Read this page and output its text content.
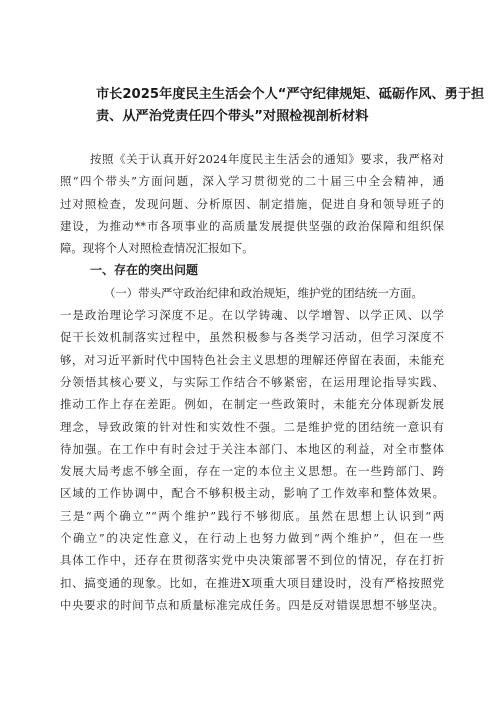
市长2025年度民主生活会个人“严守纪律规矩、砥砺作风、勇于担
责、从严治党责任四个带头”对照检视剖析材料
按照《关于认真开好2024年度民主生活会的通知》要求，我严格对
照“四个带头”方面问题，深入学习贯彻党的二十届三中全会精神，通
过对照检查，发现问题、分析原因、制定措施，促进自身和领导班子的
建设，为推动**市各项事业的高质量发展提供坚强的政治保障和组织保
障。现将个人对照检查情况汇报如下。
一、存在的突出问题
（一）带头严守政治纪律和政治规矩，维护党的团结统一方面。
一是政治理论学习深度不足。在以学铸魂、以学增智、以学正风、以学
促干长效机制落实过程中，虽然积极参与各类学习活动，但学习深度不
够，对习近平新时代中国特色社会主义思想的理解还停留在表面，未能充
分领悟其核心要义，与实际工作结合不够紧密，在运用理论指导实践、
推动工作上存在差距。例如，在制定一些政策时，未能充分体现新发展
理念，导致政策的针对性和实效性不强。二是维护党的团结统一意识有
待加强。在工作中有时会过于关注本部门、本地区的利益，对全市整体
发展大局考虑不够全面，存在一定的本位主义思想。在一些跨部门、跨
区域的工作协调中，配合不够积极主动，影响了工作效率和整体效果。
三是“两个确立”“两个维护”践行不够彻底。虽然在思想上认识到“两
个确立”的决定性意义，在行动上也努力做到“两个维护”，但在一些
具体工作中，还存在贯彻落实党中央决策部署不到位的情况，存在打折
扣、搞变通的现象。比如，在推进X项重大项目建设时，没有严格按照党
中央要求的时间节点和质量标准完成任务。四是反对错误思想不够坚决。
